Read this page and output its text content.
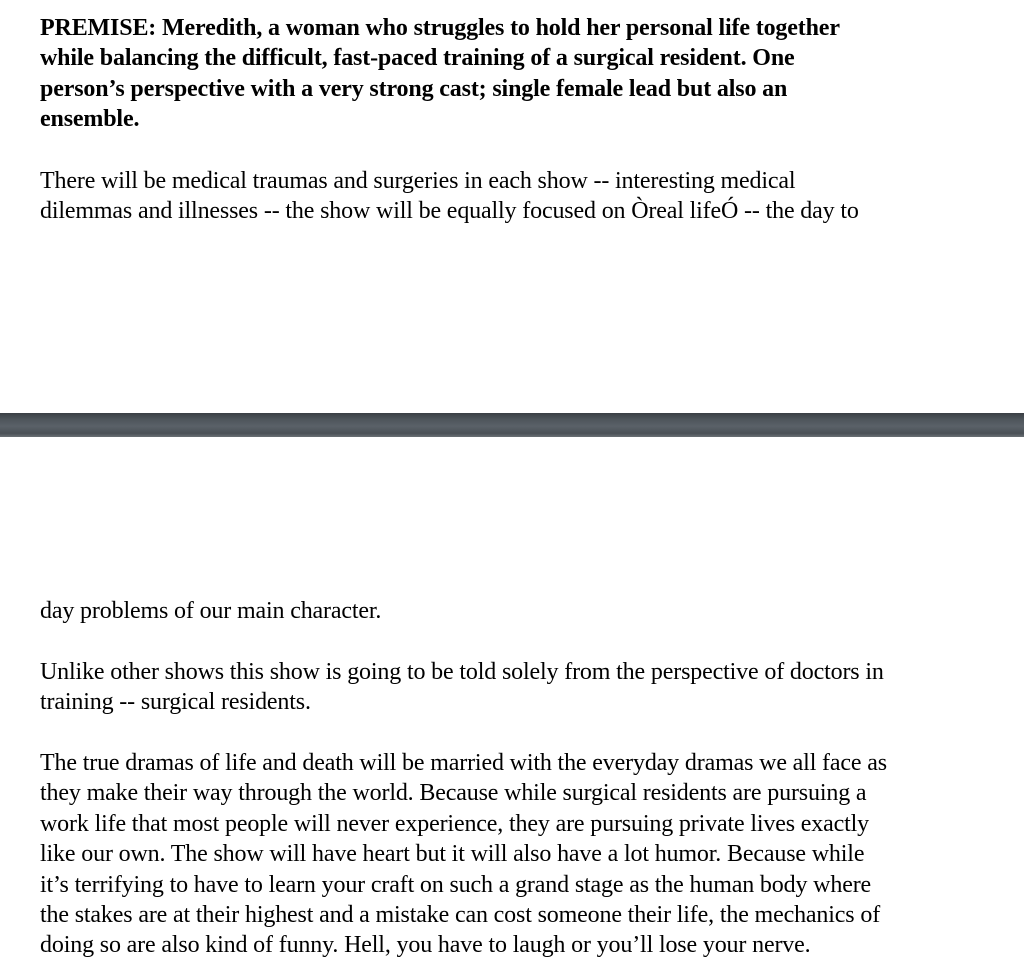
PREMISE: Meredith, a woman who struggles to hold her personal life together
while balancing the difficult, fast-paced training of a surgical resident. One
person’s perspective with a very strong cast; single female lead but also an
ensemble.

There will be medical traumas and surgeries in each show -- interesting medical
dilemmas and illnesses -- the show will be equally focused on Òreal lifeÓ -- the day to

day problems of our main character.

Unlike other shows this show is going to be told solely from the perspective of doctors in
training -- surgical residents.

The true dramas of life and death will be married with the everyday dramas we all face as
they make their way through the world. Because while surgical residents are pursuing a
work life that most people will never experience, they are pursuing private lives exactly
like our own. The show will have heart but it will also have a lot humor. Because while
it’s terrifying to have to learn your craft on such a grand stage as the human body where
the stakes are at their highest and a mistake can cost someone their life, the mechanics of
doing so are also kind of funny. Hell, you have to laugh or you’ll lose your nerve.
